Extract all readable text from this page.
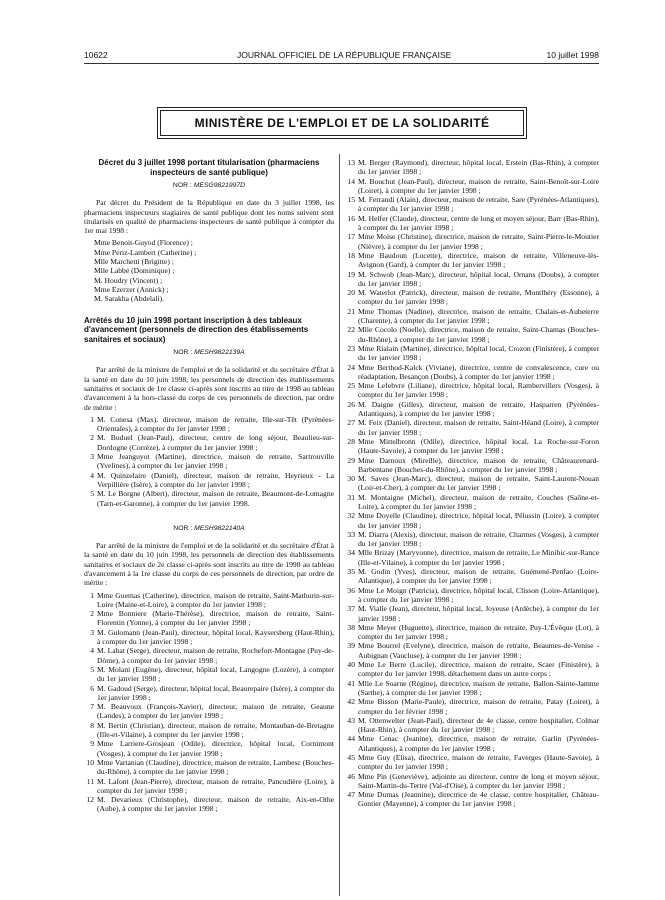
10622	JOURNAL OFFICIEL DE LA RÉPUBLIQUE FRANÇAISE	10 juillet 1998
MINISTÈRE DE L'EMPLOI ET DE LA SOLIDARITÉ
Décret du 3 juillet 1998 portant titularisation (pharmaciens inspecteurs de santé publique)
NOR : MESG9821997D

Par décret du Président de la République en date du 3 juillet 1998, les pharmaciens inspecteurs stagiaires de santé publique dont les noms suivent sont titularisés en qualité de pharmaciens inspecteurs de santé publique à compter du 1er mai 1998 :

Mme Benoit-Guyod (Florence) ;
Mme Periz-Lambert (Catherine) ;
Mlle Marchetti (Brigitte) ;
Mlle Labbé (Dominique) ;
M. Houdry (Vincent) ;
Mme Ezerzer (Annick) ;
M. Sarakha (Abdelali).
Arrêtés du 10 juin 1998 portant inscription à des tableaux d'avancement (personnels de direction des établissements sanitaires et sociaux)
NOR : MESH9822139A

Par arrêté de la ministre de l'emploi et de la solidarité et du secrétaire d'État à la santé en date du 10 juin 1998, les personnels de direction des établissements sanitaires et sociaux de 1re classe ci-après sont inscrits au titre de 1998 au tableau d'avancement à la hors-classe du corps de ces personnels de direction, par ordre de mérite :

1 M. Conesa (Max), directeur, maison de retraite, Ille-sur-Têt (Pyrénées-Orientales), à compter du 1er janvier 1998 ;
2 M. Buduel (Jean-Paul), directeur, centre de long séjour, Beaulieu-sur-Dordogne (Corrèze), à compter du 1er janvier 1998 ;
3 Mme Jeanguyot (Martine), directrice, maison de retraite, Sartrouville (Yvelines), à compter du 1er janvier 1998 ;
4 M. Quinzelaire (Daniel), directeur, maison de retraite, Heyrieux - La Verpillière (Isère), à compter du 1er janvier 1998 ;
5 M. Le Borgne (Albert), directeur, maison de retraite, Beaumont-de-Lomagne (Tarn-et-Garonne), à compter du 1er janvier 1998.
NOR : MESH9822140A

Par arrêté de la ministre de l'emploi et de la solidarité et du secrétaire d'État à la santé en date du 10 juin 1998, les personnels de direction des établissements sanitaires et sociaux de 2e classe ci-après sont inscrits au titre de 1998 au tableau d'avancement à la 1re classe du corps de ces personnels de direction, par ordre de mérite :

1 Mme Guemas (Catherine), directrice, maison de retraite, Saint-Mathurin-sur-Loire (Maine-et-Loire), à compter du 1er janvier 1998 ;
2 Mme Bonniere (Marie-Thérèse), directrice, maison de retraite, Saint-Florentin (Yonne), à compter du 1er janvier 1998 ;
3 M. Gulomann (Jean-Paul), directeur, hôpital local, Kaysersberg (Haut-Rhin), à compter du 1er janvier 1998 ;
4 M. Labat (Serge), directeur, maison de retraite, Rochefort-Montagne (Puy-de-Dôme), à compter du 1er janvier 1998 ;
5 M. Molani (Eugène), directeur, hôpital local, Langogne (Lozère), à compter du 1er janvier 1998 ;
6 M. Gadoud (Serge), directeur, hôpital local, Beaurepaire (Isère), à compter du 1er janvier 1998 ;
7 M. Beauvoux (François-Xavier), directeur, maison de retraite, Geaune (Landes), à compter du 1er janvier 1998 ;
8 M. Bertin (Christian), directeur, maison de retraite, Montauban-de-Bretagne (Ille-et-Vilaine), à compter du 1er janvier 1998 ;
9 Mme Larriere-Grosjean (Odile), directrice, hôpital local, Cornimont (Vosges), à compter du 1er janvier 1998 ;
10 Mme Vartanian (Claudine), directrice, maison de retraite, Lambesc (Bouches-du-Rhône), à compter du 1er janvier 1998 ;
11 M. Lafont (Jean-Pierre), directeur, maison de retraite, Pancudière (Loire), à compter du 1er janvier 1998 ;
12 M. Devarieux (Christophe), directeur, maison de retraite, Aix-en-Othe (Aube), à compter du 1er janvier 1998 ;
13 M. Berger (Raymond), directeur, hôpital local, Erstein (Bas-Rhin), à compter du 1er janvier 1998 ;
14 M. Bouchut (Jean-Paul), directeur, maison de retraite, Saint-Benoît-sur-Loire (Loiret), à compter du 1er janvier 1998 ;
15 M. Ferrandi (Alain), directeur, maison de retraite, Sare (Pyrénées-Atlantiques), à compter du 1er janvier 1998 ;
16 M. Helfer (Claude), directeur, centre de long et moyen séjour, Barr (Bas-Rhin), à compter du 1er janvier 1998 ;
17 Mme Moise (Christine), directrice, maison de retraite, Saint-Pierre-le-Moutier (Nièvre), à compter du 1er janvier 1998 ;
18 Mme Baudoun (Lucette), directrice, maison de retraite, Villeneuve-lès-Avignon (Gard), à compter du 1er janvier 1998 ;
19 M. Schwob (Jean-Marc), directeur, hôpital local, Ornans (Doubs), à compter du 1er janvier 1998 ;
20 M. Waterlot (Patrick), directeur, maison de retraite, Montlhéry (Essonne), à compter du 1er janvier 1998 ;
21 Mme Thomas (Nadine), directrice, maison de retraite, Chalais-et-Aubeterre (Charente), à compter du 1er janvier 1998 ;
22 Mlle Cocolo (Noelle), directrice, maison de retraite, Saint-Chamas (Bouches-du-Rhône), à compter du 1er janvier 1998 ;
23 Mme Rialain (Martine), directrice, hôpital local, Crozon (Finistère), à compter du 1er janvier 1998 ;
24 Mme Berthod-Kalck (Viviane), directrice, centre de convalescence, cure ou réadaptation, Besançon (Doubs), à compter du 1er janvier 1998 ;
25 Mme Lefebvre (Liliane), directrice, hôpital local, Rambervillers (Vosges), à compter du 1er janvier 1998 ;
26 M. Daigne (Gilles), directeur, maison de retraite, Hasparren (Pyrénées-Atlantiques), à compter du 1er janvier 1998 ;
27 M. Feix (Daniel), directeur, maison de retraite, Saint-Héand (Loire), à compter du 1er janvier 1998 ;
28 Mme Mittelbronn (Odile), directrice, hôpital local, La Roche-sur-Foron (Haute-Savoie), à compter du 1er janvier 1998 ;
29 Mme Darnoux (Mireille), directrice, maison de retraite, Châteaurenard-Barbentane (Bouches-du-Rhône), à compter du 1er janvier 1998 ;
30 M. Saves (Jean-Marc), directeur, maison de retraite, Saint-Laurent-Nouan (Loir-et-Cher), à compter du 1er janvier 1998 ;
31 M. Montaigne (Michel), directeur, maison de retraite, Couches (Saône-et-Loire), à compter du 1er janvier 1998 ;
32 Mme Doyelle (Claudine), directrice, hôpital local, Pélussin (Loire), à compter du 1er janvier 1998 ;
33 M. Diarra (Alexis), directeur, maison de retraite, Charmes (Vosges), à compter du 1er janvier 1998 ;
34 Mlle Brizay (Maryvonne), directrice, maison de retraite, Le Minihic-sur-Rance (Ille-et-Vilaine), à compter du 1er janvier 1998 ;
35 M. Godin (Yves), directeur, maison de retraite, Guémené-Penfao (Loire-Atlantique), à compter du 1er janvier 1998 ;
36 Mme Le Moign (Patricia), directrice, hôpital local, Clisson (Loire-Atlantique), à compter du 1er janvier 1998 ;
37 M. Vialle (Jean), directeur, hôpital local, Joyeuse (Ardèche), à compter du 1er janvier 1998 ;
38 Mme Meyer (Huguette), directrice, maison de retraite, Puy-L'Évêque (Lot), à compter du 1er janvier 1998 ;
39 Mme Bourrel (Evelyne), directrice, maison de retraite, Beaumes-de-Venise - Aubignan (Vaucluse), à compter du 1er janvier 1998 ;
40 Mme Le Berre (Lucile), directrice, maison de retraite, Scaer (Finistère), à compter du 1er janvier 1998, détachement dans un autre corps ;
41 Mlle Le Soarne (Régine), directrice, maison de retraite, Ballon-Sainte-Jamme (Sarthe), à compter du 1er janvier 1998 ;
42 Mme Bisson (Marie-Paule), directrice, maison de retraite, Patay (Loiret), à compter du 1er février 1998 ;
43 M. Ottenwelter (Jean-Paul), directeur de 4e classe, centre hospitalier, Colmar (Haut-Rhin), à compter du 1er janvier 1998 ;
44 Mme Cenac (Jeanine), directrice, maison de retraite, Garlin (Pyrénées-Atlantiques), à compter du 1er janvier 1998 ;
45 Mme Guy (Elisa), directrice, maison de retraite, Faverges (Haute-Savoie), à compter du 1er janvier 1998 ;
46 Mme Pin (Geneviève), adjointe au directeur, centre de long et moyen séjour, Saint-Martin-du-Tertre (Val-d'Oise), à compter du 1er janvier 1998 ;
47 Mme Dumas (Jeannine), directrice de 4e classe, centre hospitalier, Château-Gontier (Mayenne), à compter du 1er janvier 1998 ;
